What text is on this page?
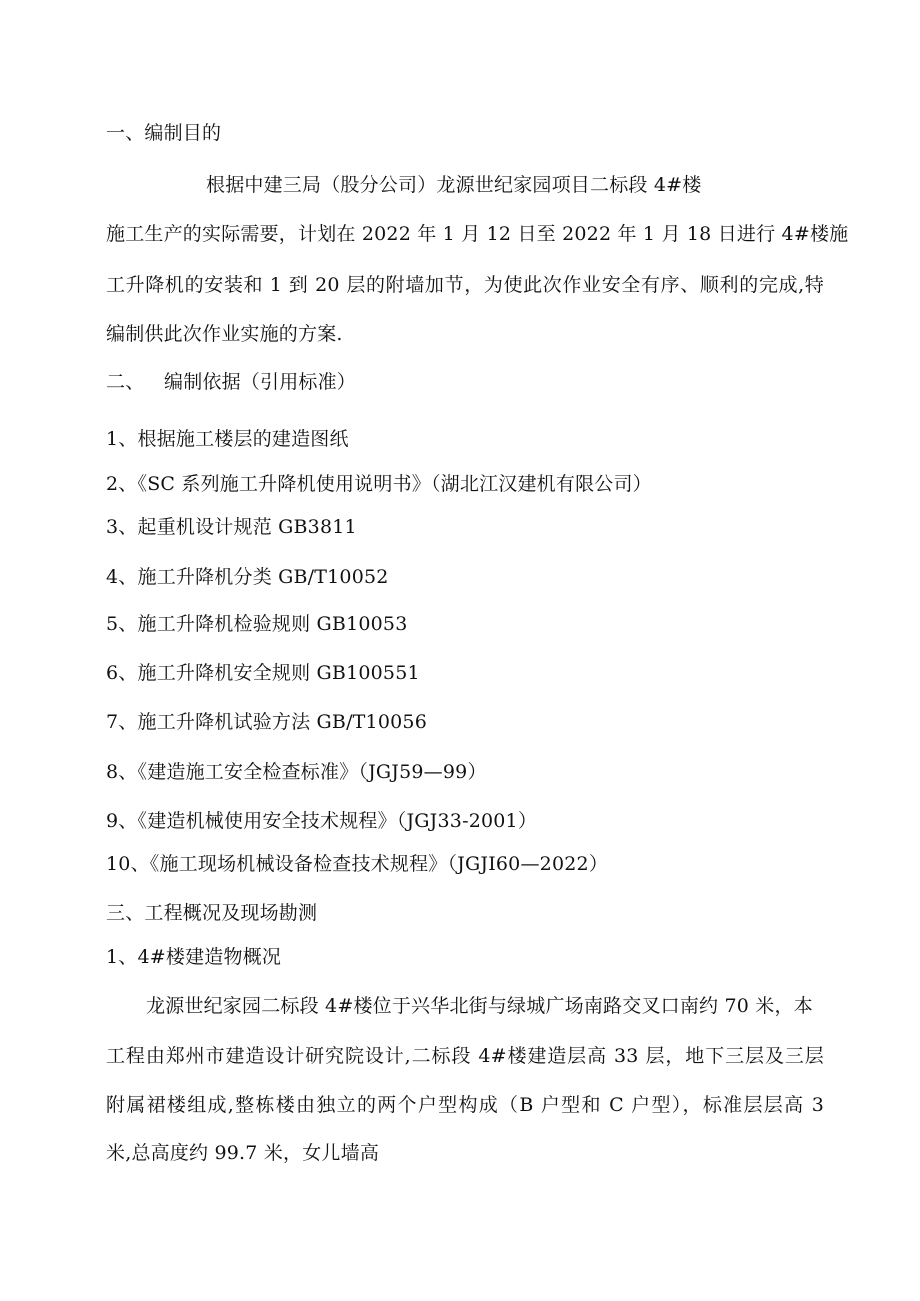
一、编制目的
根据中建三局（股分公司）龙源世纪家园项目二标段 4#楼
施工生产的实际需要，计划在 2022 年 1 月 12 日至 2022 年 1 月 18 日进行 4#楼施
工升降机的安装和 1 到 20 层的附墙加节，为使此次作业安全有序、顺利的完成,特
编制供此次作业实施的方案.
二、 编制依据（引用标准）
1、根据施工楼层的建造图纸
2、《SC 系列施工升降机使用说明书》（湖北江汉建机有限公司）
3、起重机设计规范 GB3811
4、施工升降机分类 GB/T10052
5、施工升降机检验规则 GB10053
6、施工升降机安全规则 GB100551
7、施工升降机试验方法 GB/T10056
8、《建造施工安全检查标准》（JGJ59—99）
9、《建造机械使用安全技术规程》（JGJ33-2001）
10、《施工现场机械设备检查技术规程》（JGJI60—2022）
三、工程概况及现场勘测
1、4#楼建造物概况
龙源世纪家园二标段 4#楼位于兴华北街与绿城广场南路交叉口南约 70 米，本
工程由郑州市建造设计研究院设计,二标段 4#楼建造层高 33 层，地下三层及三层
附属裙楼组成,整栋楼由独立的两个户型构成（B 户型和 C 户型），标准层层高 3
米,总高度约 99.7 米，女儿墙高
